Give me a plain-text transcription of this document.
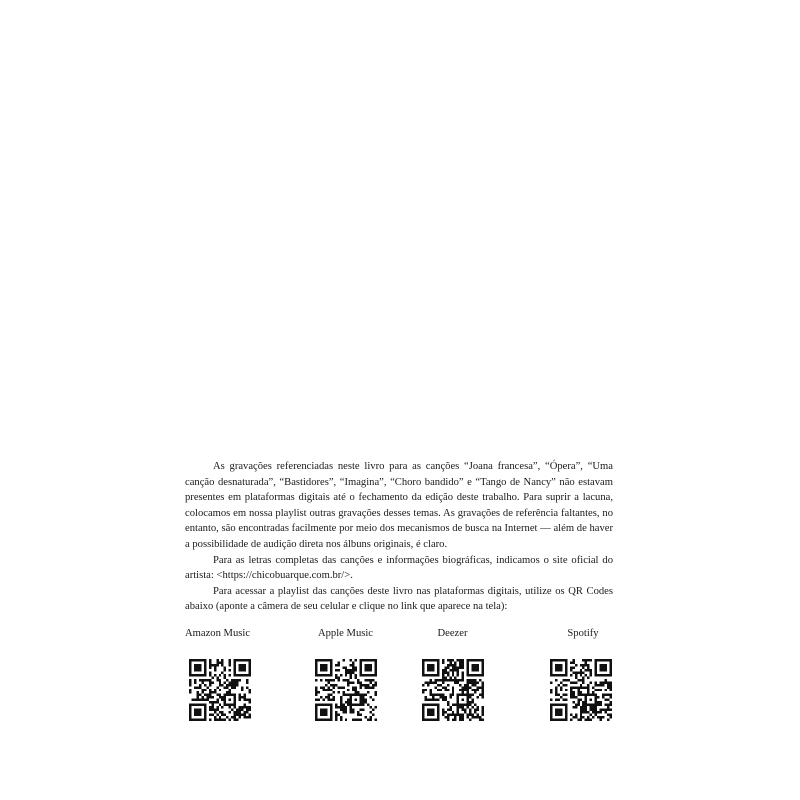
As gravações referenciadas neste livro para as canções “Joana francesa”, “Ópera”, “Uma canção desnaturada”, “Bastidores”, “Imagina”, “Choro bandido” e “Tango de Nancy” não estavam presentes em plataformas digitais até o fechamento da edição deste trabalho. Para suprir a lacuna, colocamos em nossa playlist outras gravações desses temas. As gravações de referência faltantes, no entanto, são encontradas facilmente por meio dos mecanismos de busca na Internet — além de haver a possibilidade de audição direta nos álbuns originais, é claro.

Para as letras completas das canções e informações biográficas, indicamos o site oficial do artista: <https://chicobuarque.com.br/>.

Para acessar a playlist das canções deste livro nas plataformas digitais, utilize os QR Codes abaixo (aponte a câmera de seu celular e clique no link que aparece na tela):

Amazon Music	Apple Music	Deezer	Spotify
